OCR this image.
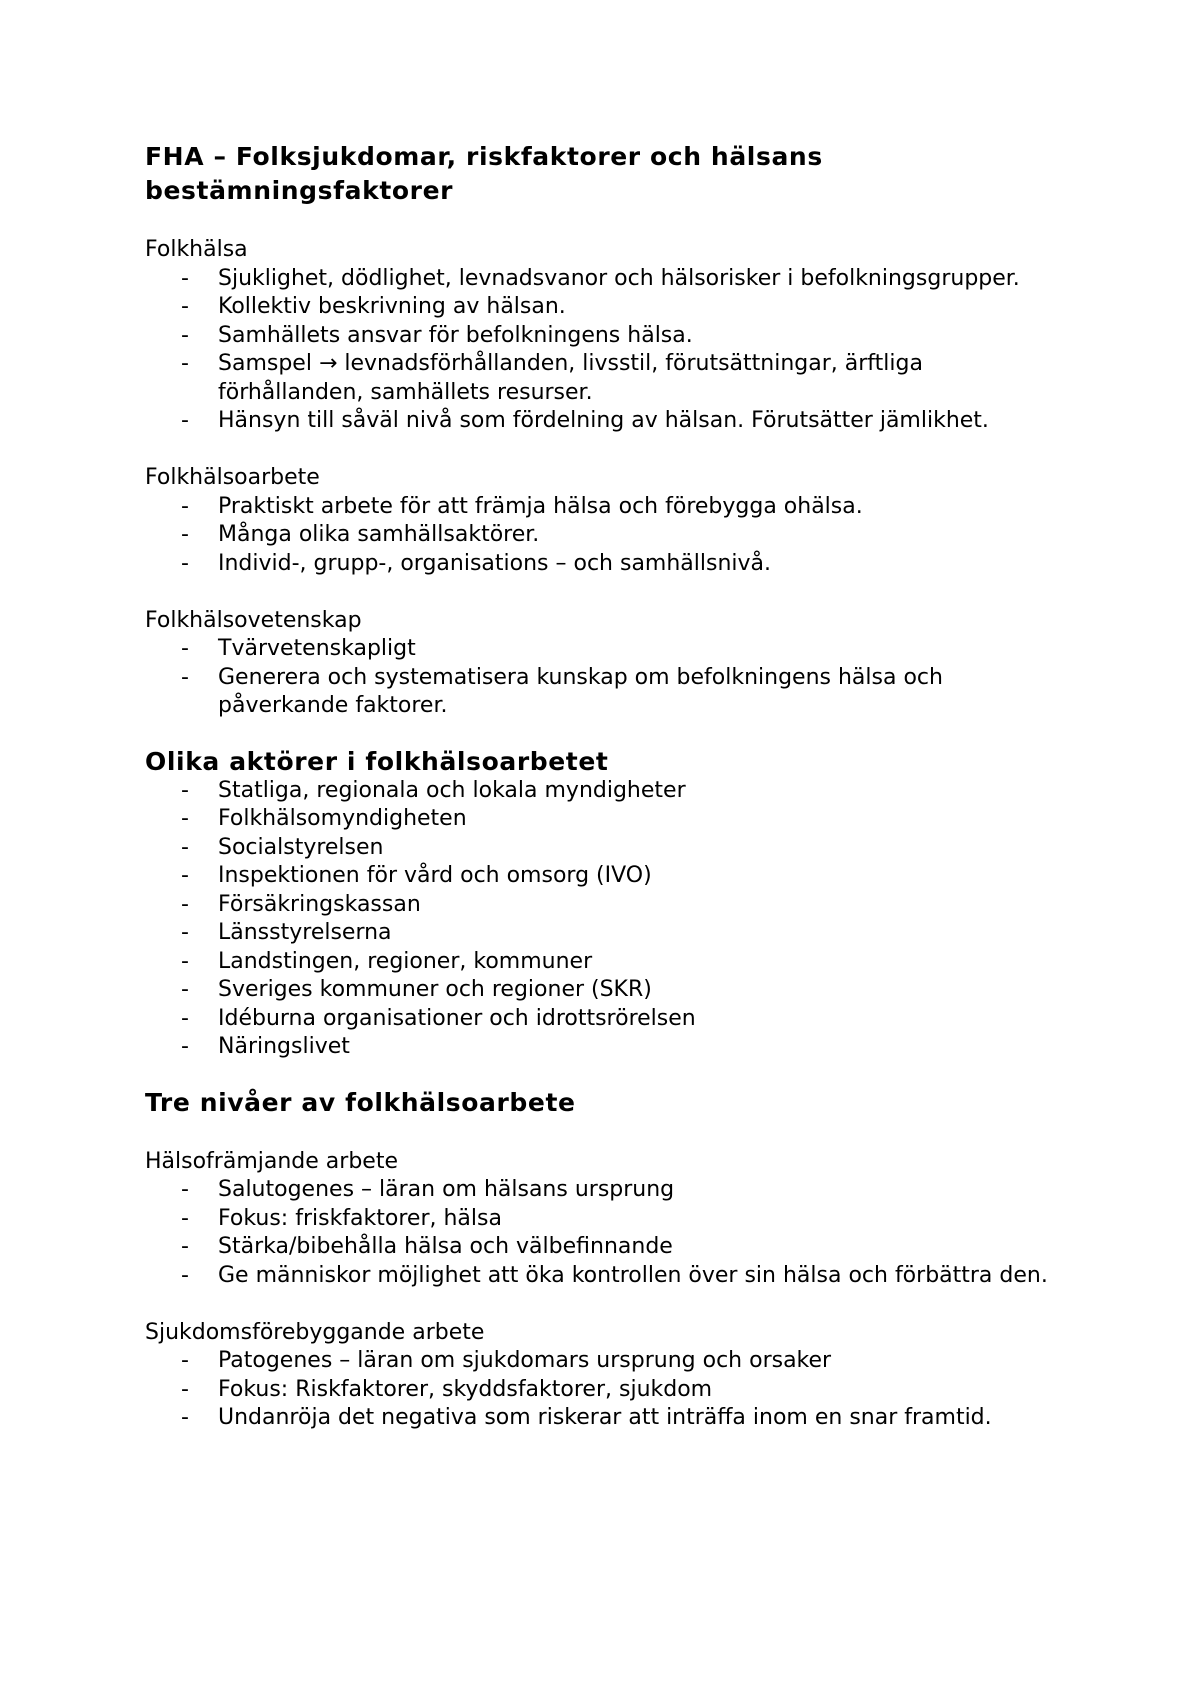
FHA – Folksjukdomar, riskfaktorer och hälsans
bestämningsfaktorer

Folkhälsa

- Sjuklighet, dödlighet, levnadsvanor och hälsorisker i befolkningsgrupper.
- Kollektiv beskrivning av hälsan.
- Samhällets ansvar för befolkningens hälsa.
- Samspel → levnadsförhållanden, livsstil, förutsättningar, ärftliga förhållanden, samhällets resurser.
- Hänsyn till såväl nivå som fördelning av hälsan. Förutsätter jämlikhet.

Folkhälsoarbete

- Praktiskt arbete för att främja hälsa och förebygga ohälsa.
- Många olika samhällsaktörer.
- Individ-, grupp-, organisations – och samhällsnivå.

Folkhälsovetenskap

- Tvärvetenskapligt
- Generera och systematisera kunskap om befolkningens hälsa och påverkande faktorer.
Olika aktörer i folkhälsoarbetet
- Statliga, regionala och lokala myndigheter
- Folkhälsomyndigheten
- Socialstyrelsen
- Inspektionen för vård och omsorg (IVO)
- Försäkringskassan
- Länsstyrelserna
- Landstingen, regioner, kommuner
- Sveriges kommuner och regioner (SKR)
- Idéburna organisationer och idrottsrörelsen
- Näringslivet
Tre nivåer av folkhälsoarbete

Hälsofrämjande arbete

- Salutogenes – läran om hälsans ursprung
- Fokus: friskfaktorer, hälsa
- Stärka/bibehålla hälsa och välbefinnande
- Ge människor möjlighet att öka kontrollen över sin hälsa och förbättra den.

Sjukdomsförebyggande arbete

- Patogenes – läran om sjukdomars ursprung och orsaker
- Fokus: Riskfaktorer, skyddsfaktorer, sjukdom
- Undanröja det negativa som riskerar att inträffa inom en snar framtid.
